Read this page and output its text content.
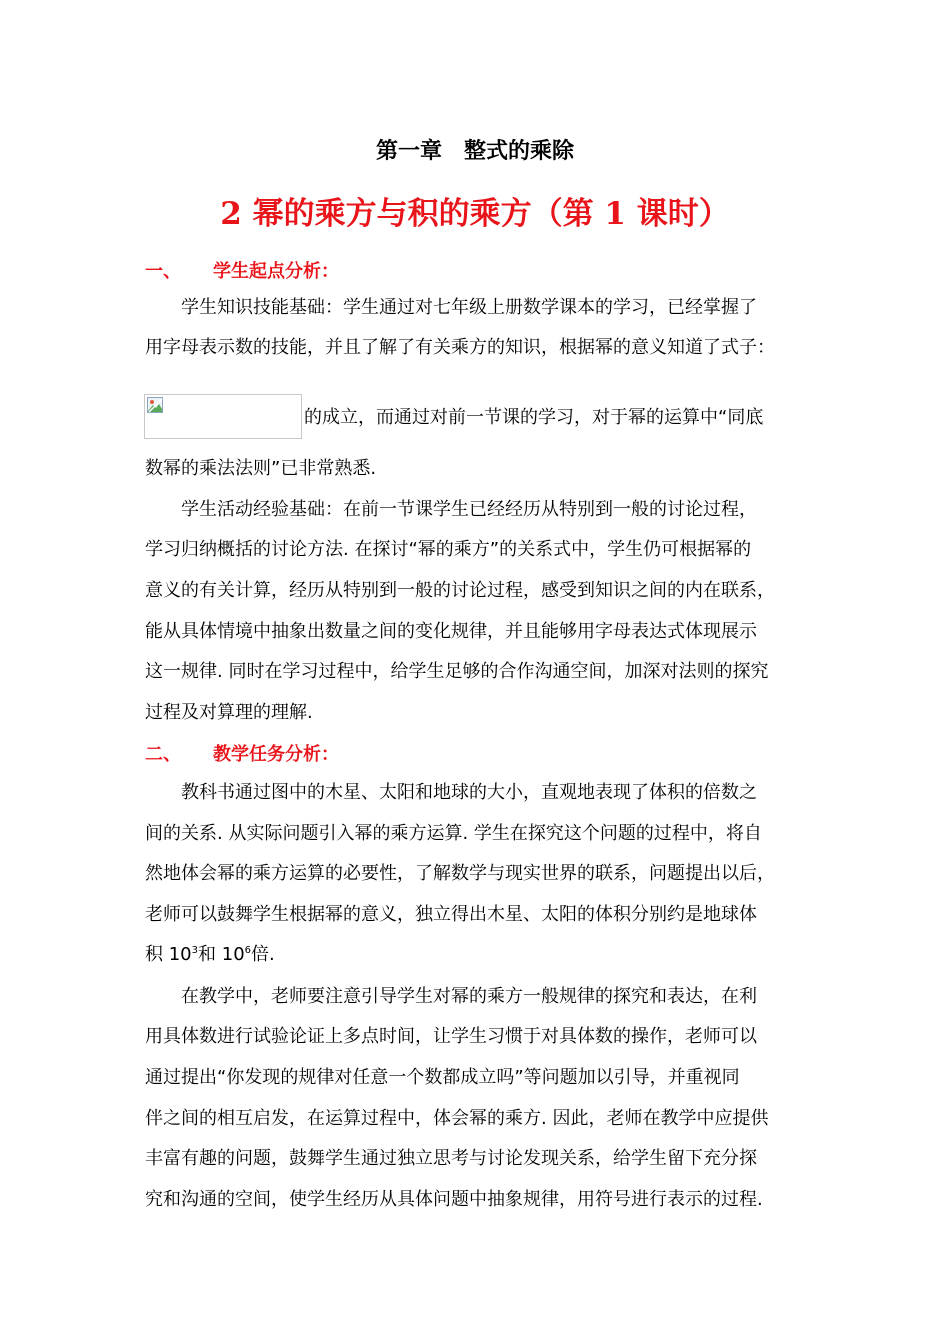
第一章　整式的乘除
2 幂的乘方与积的乘方（第 1 课时）
一、 学生起点分析：
学生知识技能基础：学生通过对七年级上册数学课本的学习，已经掌握了
用字母表示数的技能，并且了解了有关乘方的知识，根据幂的意义知道了式子：
的成立，而通过对前一节课的学习，对于幂的运算中“同底
数幂的乘法法则”已非常熟悉.
学生活动经验基础：在前一节课学生已经经历从特别到一般的讨论过程，
学习归纳概括的讨论方法. 在探讨“幂的乘方”的关系式中，学生仍可根据幂的
意义的有关计算，经历从特别到一般的讨论过程，感受到知识之间的内在联系，
能从具体情境中抽象出数量之间的变化规律，并且能够用字母表达式体现展示
这一规律. 同时在学习过程中，给学生足够的合作沟通空间，加深对法则的探究
过程及对算理的理解.
二、 教学任务分析：
教科书通过图中的木星、太阳和地球的大小，直观地表现了体积的倍数之
间的关系. 从实际问题引入幂的乘方运算. 学生在探究这个问题的过程中，将自
然地体会幂的乘方运算的必要性，了解数学与现实世界的联系，问题提出以后，
老师可以鼓舞学生根据幂的意义，独立得出木星、太阳的体积分别约是地球体
积 $10^3$和 $10^6$倍.
在教学中，老师要注意引导学生对幂的乘方一般规律的探究和表达，在利
用具体数进行试验论证上多点时间，让学生习惯于对具体数的操作，老师可以
通过提出“你发现的规律对任意一个数都成立吗”等问题加以引导，并重视同
伴之间的相互启发，在运算过程中，体会幂的乘方. 因此，老师在教学中应提供
丰富有趣的问题，鼓舞学生通过独立思考与讨论发现关系，给学生留下充分探
究和沟通的空间，使学生经历从具体问题中抽象规律，用符号进行表示的过程.
